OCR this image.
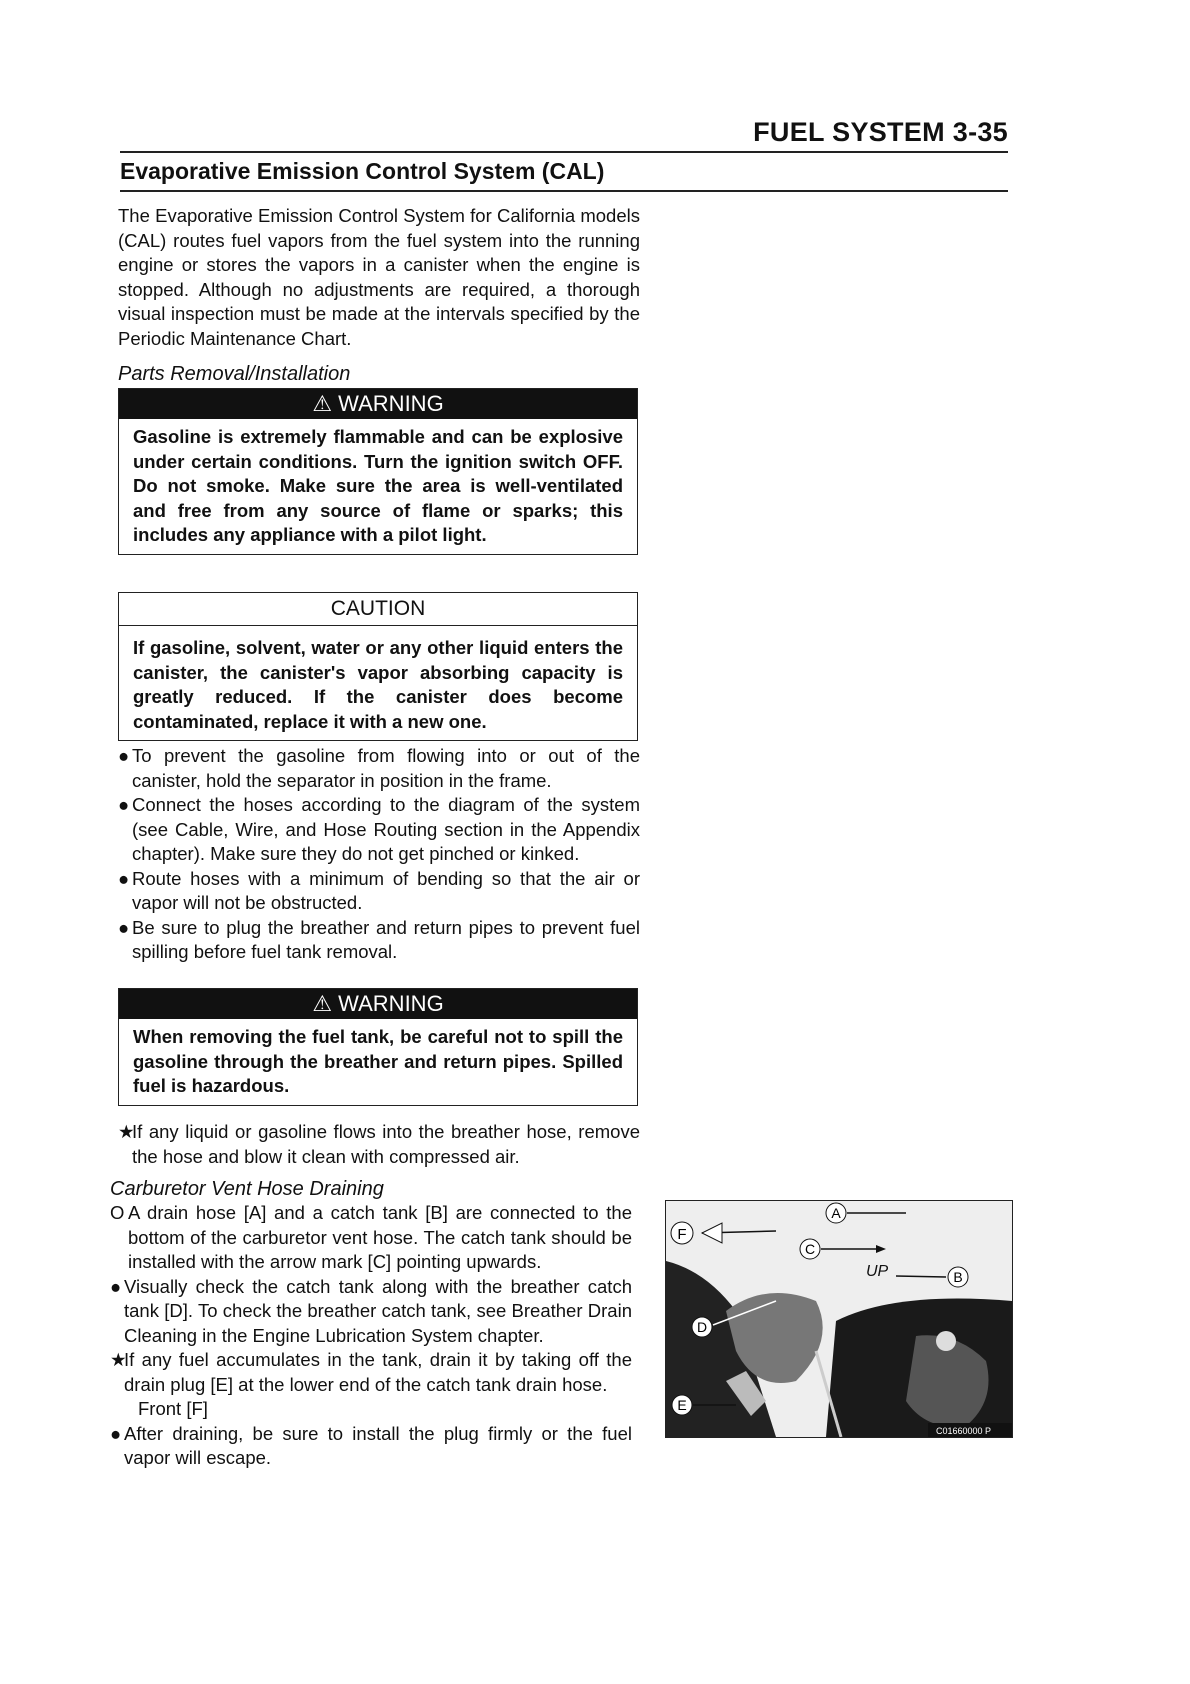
FUEL SYSTEM 3-35
Evaporative Emission Control System (CAL)

The Evaporative Emission Control System for California models (CAL) routes fuel vapors from the fuel system into the running engine or stores the vapors in a canister when the engine is stopped. Although no adjustments are required, a thorough visual inspection must be made at the intervals specified by the Periodic Maintenance Chart.

Parts Removal/Installation
⚠ WARNING
Gasoline is extremely flammable and can be explosive under certain conditions. Turn the ignition switch OFF. Do not smoke. Make sure the area is well-ventilated and free from any source of flame or sparks; this includes any appliance with a pilot light.
CAUTION
If gasoline, solvent, water or any other liquid enters the canister, the canister's vapor absorbing capacity is greatly reduced. If the canister does become contaminated, replace it with a new one.

● To prevent the gasoline from flowing into or out of the canister, hold the separator in position in the frame.

● Connect the hoses according to the diagram of the system (see Cable, Wire, and Hose Routing section in the Appendix chapter). Make sure they do not get pinched or kinked.

● Route hoses with a minimum of bending so that the air or vapor will not be obstructed.

● Be sure to plug the breather and return pipes to prevent fuel spilling before fuel tank removal.

⚠ WARNING
When removing the fuel tank, be careful not to spill the gasoline through the breather and return pipes. Spilled fuel is hazardous.

★
If any liquid or gasoline flows into the breather hose, remove the hose and blow it clean with compressed air.

Carburetor Vent Hose Draining

O A drain hose [A] and a catch tank [B] are connected to the bottom of the carburetor vent hose. The catch tank should be installed with the arrow mark [C] pointing upwards.

● Visually check the catch tank along with the breather catch tank [D]. To check the breather catch tank, see Breather Drain Cleaning in the Engine Lubrication System chapter.

★
If any fuel accumulates in the tank, drain it by taking off the drain plug [E] at the lower end of the catch tank drain hose.

Front [F]

● After draining, be sure to install the plug firmly or the fuel vapor will escape.

C01660000 P
F
A
C
UP	B
D
E
